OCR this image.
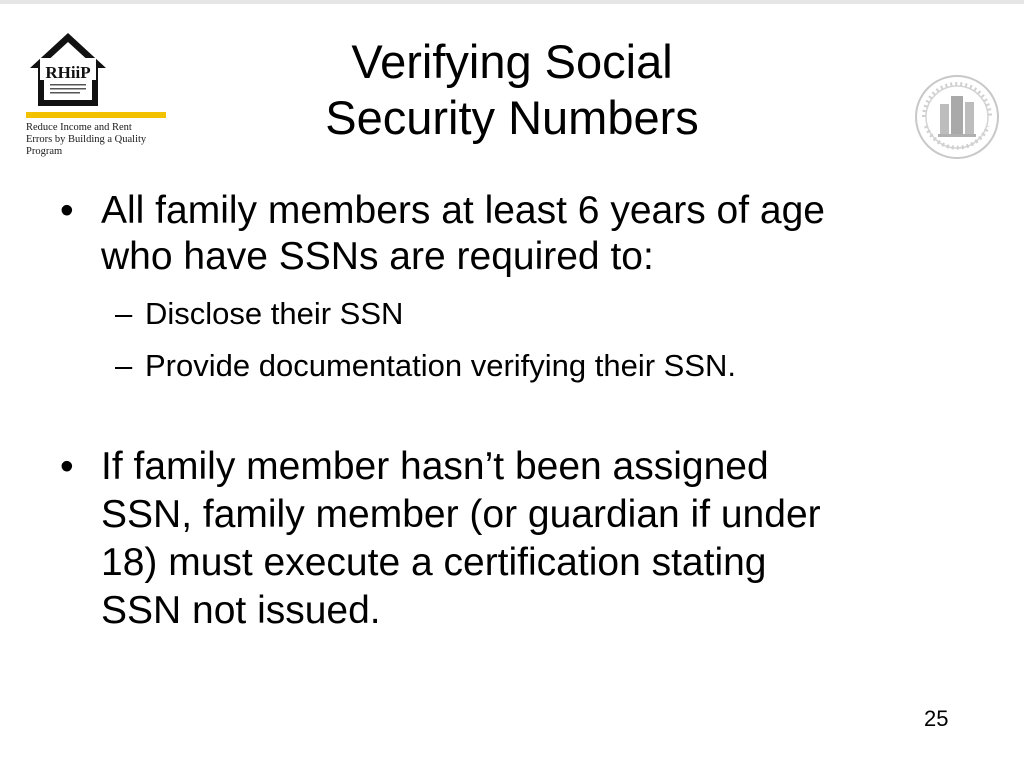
RHiiP
Reduce Income and Rent
Errors by Building a Quality
Program
Verifying Social
Security Numbers
• All family members at least 6 years of age
who have SSNs are required to:
– Disclose their SSN
– Provide documentation verifying their SSN.
• If family member hasn’t been assigned
SSN, family member (or guardian if under
18) must execute a certification stating
SSN not issued.
25
